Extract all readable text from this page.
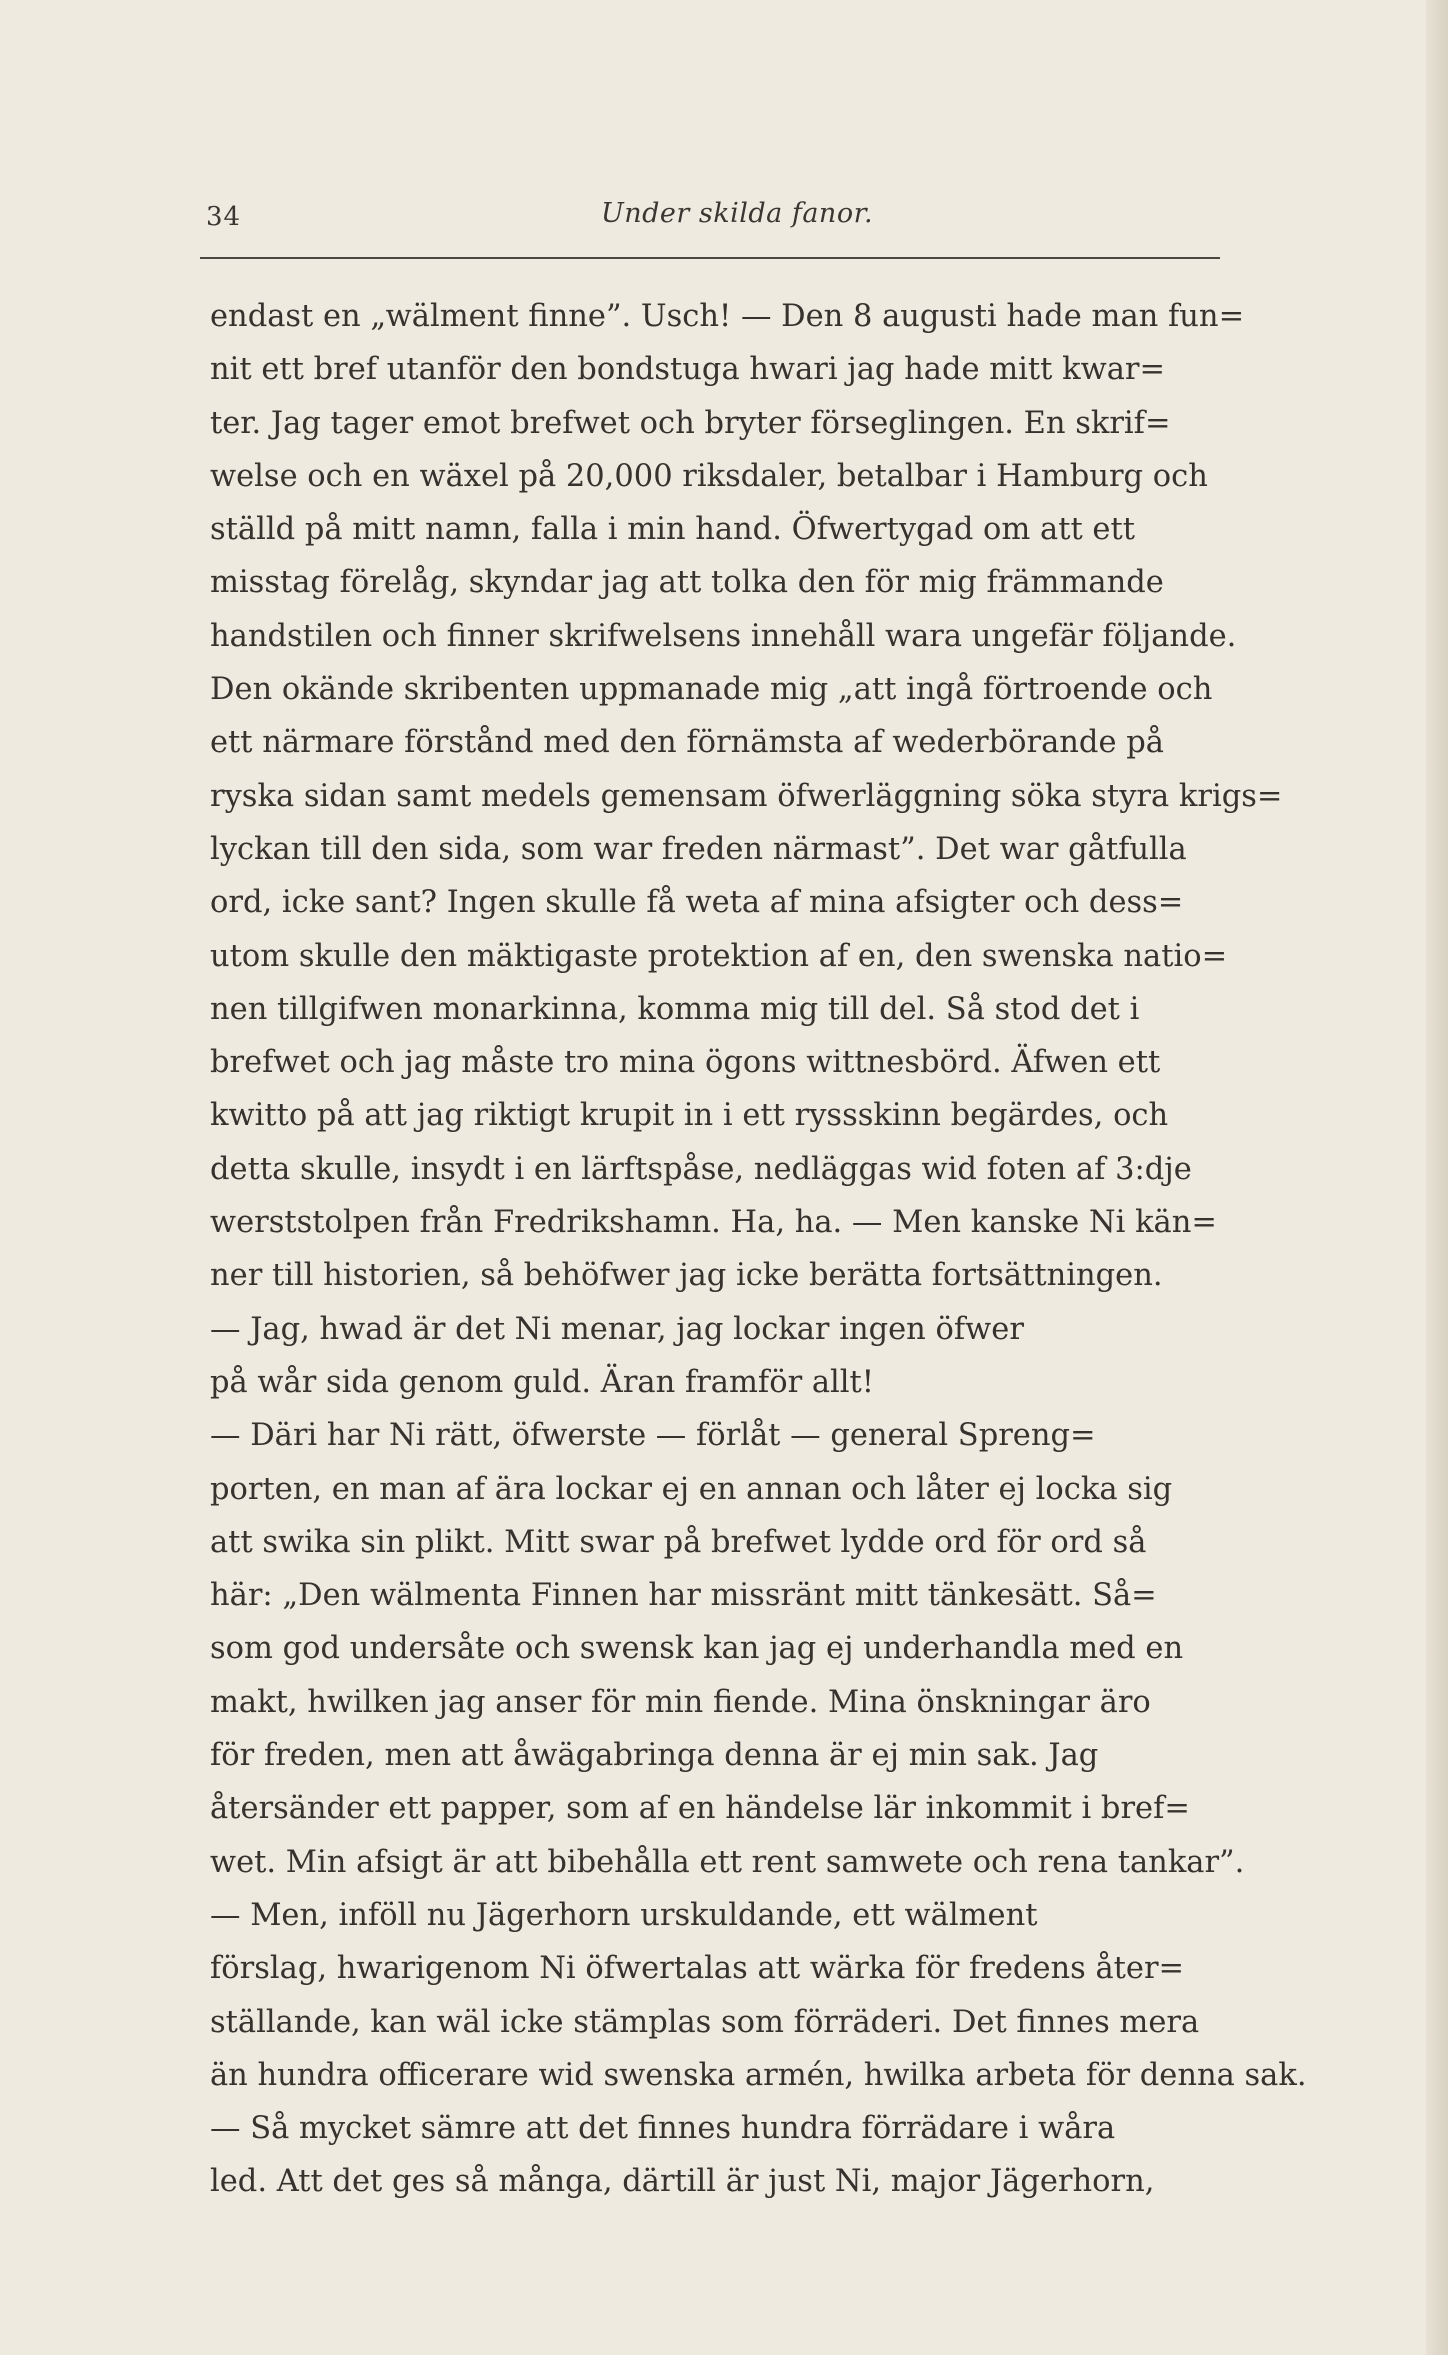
34	Under skilda fanor.
endast en „wälment finne”. Usch! — Den 8 augusti hade man fun=
nit ett bref utanför den bondstuga hwari jag hade mitt kwar=
ter. Jag tager emot brefwet och bryter förseglingen. En skrif=
welse och en wäxel på 20,000 riksdaler, betalbar i Hamburg och
ställd på mitt namn, falla i min hand. Öfwertygad om att ett
misstag förelåg, skyndar jag att tolka den för mig främmande
handstilen och finner skrifwelsens innehåll wara ungefär följande.
Den okände skribenten uppmanade mig „att ingå förtroende och
ett närmare förstånd med den förnämsta af wederbörande på
ryska sidan samt medels gemensam öfwerläggning söka styra krigs=
lyckan till den sida, som war freden närmast”. Det war gåtfulla
ord, icke sant? Ingen skulle få weta af mina afsigter och dess=
utom skulle den mäktigaste protektion af en, den swenska natio=
nen tillgifwen monarkinna, komma mig till del. Så stod det i
brefwet och jag måste tro mina ögons wittnesbörd. Äfwen ett
kwitto på att jag riktigt krupit in i ett ryssskinn begärdes, och
detta skulle, insydt i en lärftspåse, nedläggas wid foten af 3:dje
werststolpen från Fredrikshamn. Ha, ha. — Men kanske Ni kän=
ner till historien, så behöfwer jag icke berätta fortsättningen.
— Jag, hwad är det Ni menar, jag lockar ingen öfwer
på wår sida genom guld. Äran framför allt!
— Däri har Ni rätt, öfwerste — förlåt — general Spreng=
porten, en man af ära lockar ej en annan och låter ej locka sig
att swika sin plikt. Mitt swar på brefwet lydde ord för ord så
här: „Den wälmenta Finnen har missränt mitt tänkesätt. Så=
som god undersåte och swensk kan jag ej underhandla med en
makt, hwilken jag anser för min fiende. Mina önskningar äro
för freden, men att åwägabringa denna är ej min sak. Jag
återsänder ett papper, som af en händelse lär inkommit i bref=
wet. Min afsigt är att bibehålla ett rent samwete och rena tankar”.
— Men, inföll nu Jägerhorn urskuldande, ett wälment
förslag, hwarigenom Ni öfwertalas att wärka för fredens åter=
ställande, kan wäl icke stämplas som förräderi. Det finnes mera
än hundra officerare wid swenska armén, hwilka arbeta för denna sak.
— Så mycket sämre att det finnes hundra förrädare i wåra
led. Att det ges så många, därtill är just Ni, major Jägerhorn,
